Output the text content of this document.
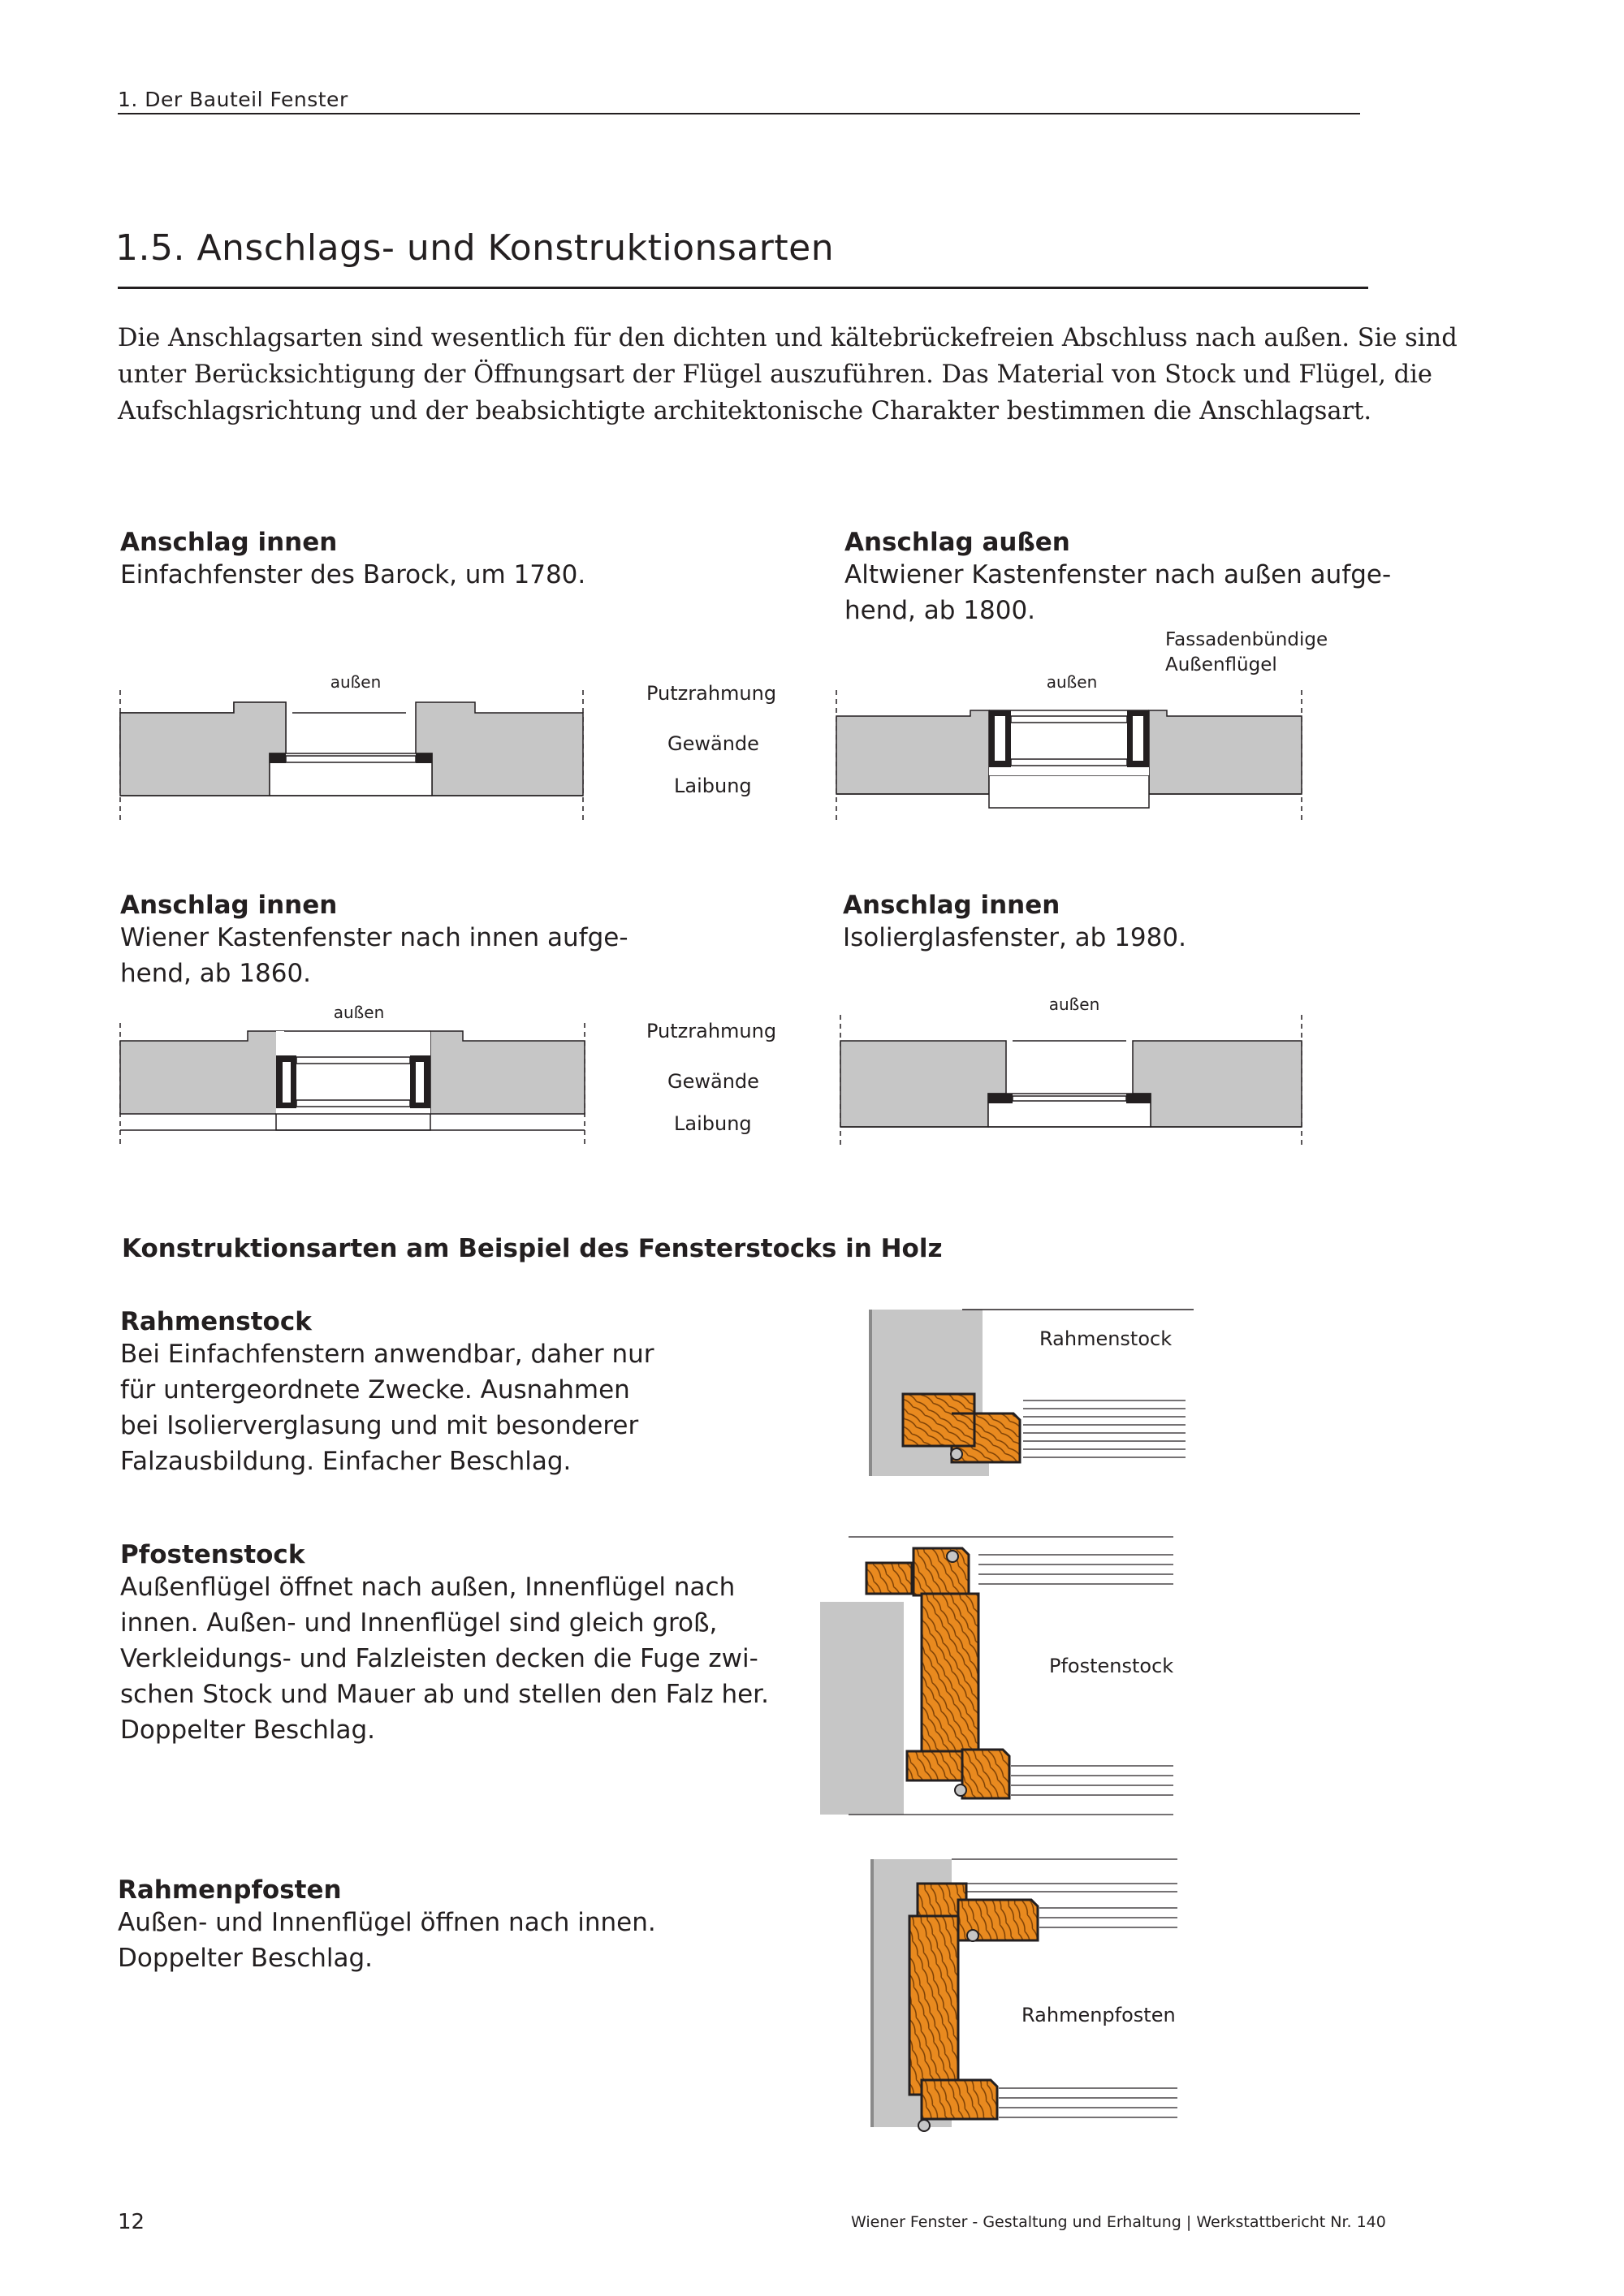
1. Der Bauteil Fenster
1.5. Anschlags- und Konstruktionsarten
Die Anschlagsarten sind wesentlich für den dichten und kältebrückefreien Abschluss nach außen. Sie sind
unter Berücksichtigung der Öffnungsart der Flügel auszuführen. Das Material von Stock und Flügel, die
Aufschlagsrichtung und der beabsichtigte architektonische Charakter bestimmen die Anschlagsart.
Anschlag innen
Einfachfenster des Barock, um 1780.
Anschlag außen
Altwiener Kastenfenster nach außen aufge-
hend, ab 1800.
Anschlag innen
Wiener Kastenfenster nach innen aufge-
hend, ab 1860.
Anschlag innen
Isolierglasfenster, ab 1980.
außen	Putzrahmung
Gewände
Laibung
Fassadenbündige
Außenflügel
außen
außen
Putzrahmung
Gewände
Laibung
außen
Konstruktionsarten am Beispiel des Fensterstocks in Holz
Rahmenstock
Bei Einfachfenstern anwendbar, daher nur
für untergeordnete Zwecke. Ausnahmen
bei Isolierverglasung und mit besonderer
Falzausbildung. Einfacher Beschlag.
Pfostenstock
Außenflügel öffnet nach außen, Innenflügel nach
innen. Außen- und Innenflügel sind gleich groß,
Verkleidungs- und Falzleisten decken die Fuge zwi-
schen Stock und Mauer ab und stellen den Falz her.
Doppelter Beschlag.
Rahmenpfosten
Außen- und Innenflügel öffnen nach innen.
Doppelter Beschlag.
Rahmenstock
Pfostenstock
Rahmenpfosten
12	Wiener Fenster - Gestaltung und Erhaltung | Werkstattbericht Nr. 140
